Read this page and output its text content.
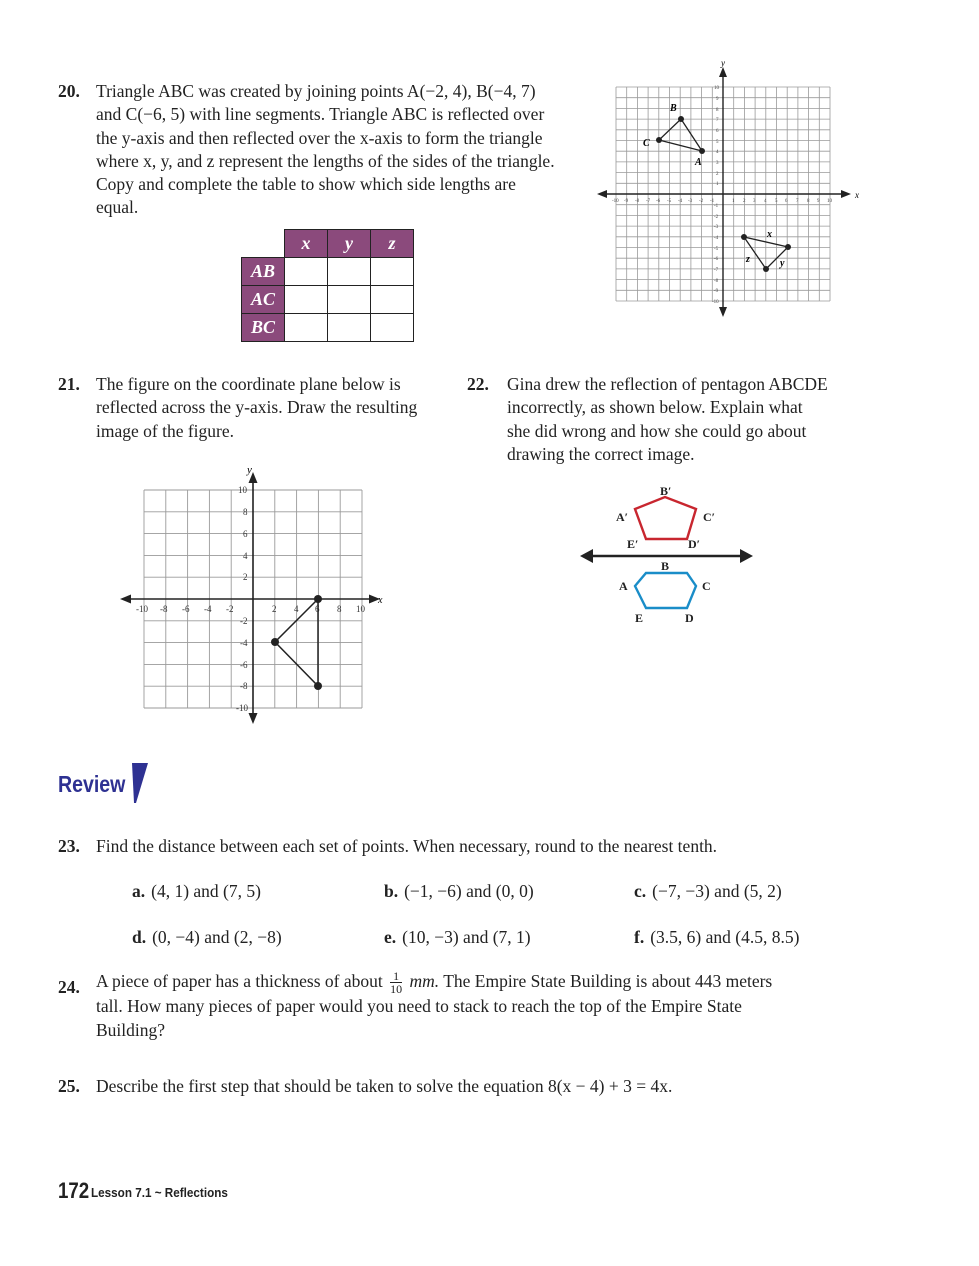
20. Triangle ABC was created by joining points A(−2, 4), B(−4, 7)
and C(−6, 5) with line segments. Triangle ABC is reflected over
the y-axis and then reflected over the x-axis to form the triangle
where x, y, and z represent the lengths of the sides of the triangle.
Copy and complete the table to show which side lengths are
equal.
	x	y	z
AB			
AC			
BC			
x
y
-10 -9 -8 -7 -6 -5 -4 -3 -2 -1	1 2 3 4 5 6 7 8 9 10
10
9
8
7
6
5
4
3
2
1
-1
-2
-3
-4
-5
-6
-7
-8
-9
-10
A
B
C
x
y
z
21. The figure on the coordinate plane below is
reflected across the y-axis. Draw the resulting
image of the figure.
x
y
-10 -8 -6 -4 -2	2 4 6 8 10
10
8
6
4
2
-2
-4
-6
-8
-10
22. Gina drew the reflection of pentagon ABCDE
incorrectly, as shown below. Explain what
she did wrong and how she could go about
drawing the correct image.
B′
A′	C′
E′	D′
B
A	C
E	D
Review
23. Find the distance between each set of points. When necessary, round to the nearest tenth.
a. (4, 1) and (7, 5)	b. (−1, −6) and (0, 0)	c. (−7, −3) and (5, 2)
d. (0, −4) and (2, −8)	e. (10, −3) and (7, 1)	f. (3.5, 6) and (4.5, 8.5)
24. A piece of paper has a thickness of about $\frac{1}{10}$ mm. The Empire State Building is about 443 meters
tall. How many pieces of paper would you need to stack to reach the top of the Empire State
Building?
25. Describe the first step that should be taken to solve the equation 8(x − 4) + 3 = 4x.
172 Lesson 7.1 ~ Reflections
